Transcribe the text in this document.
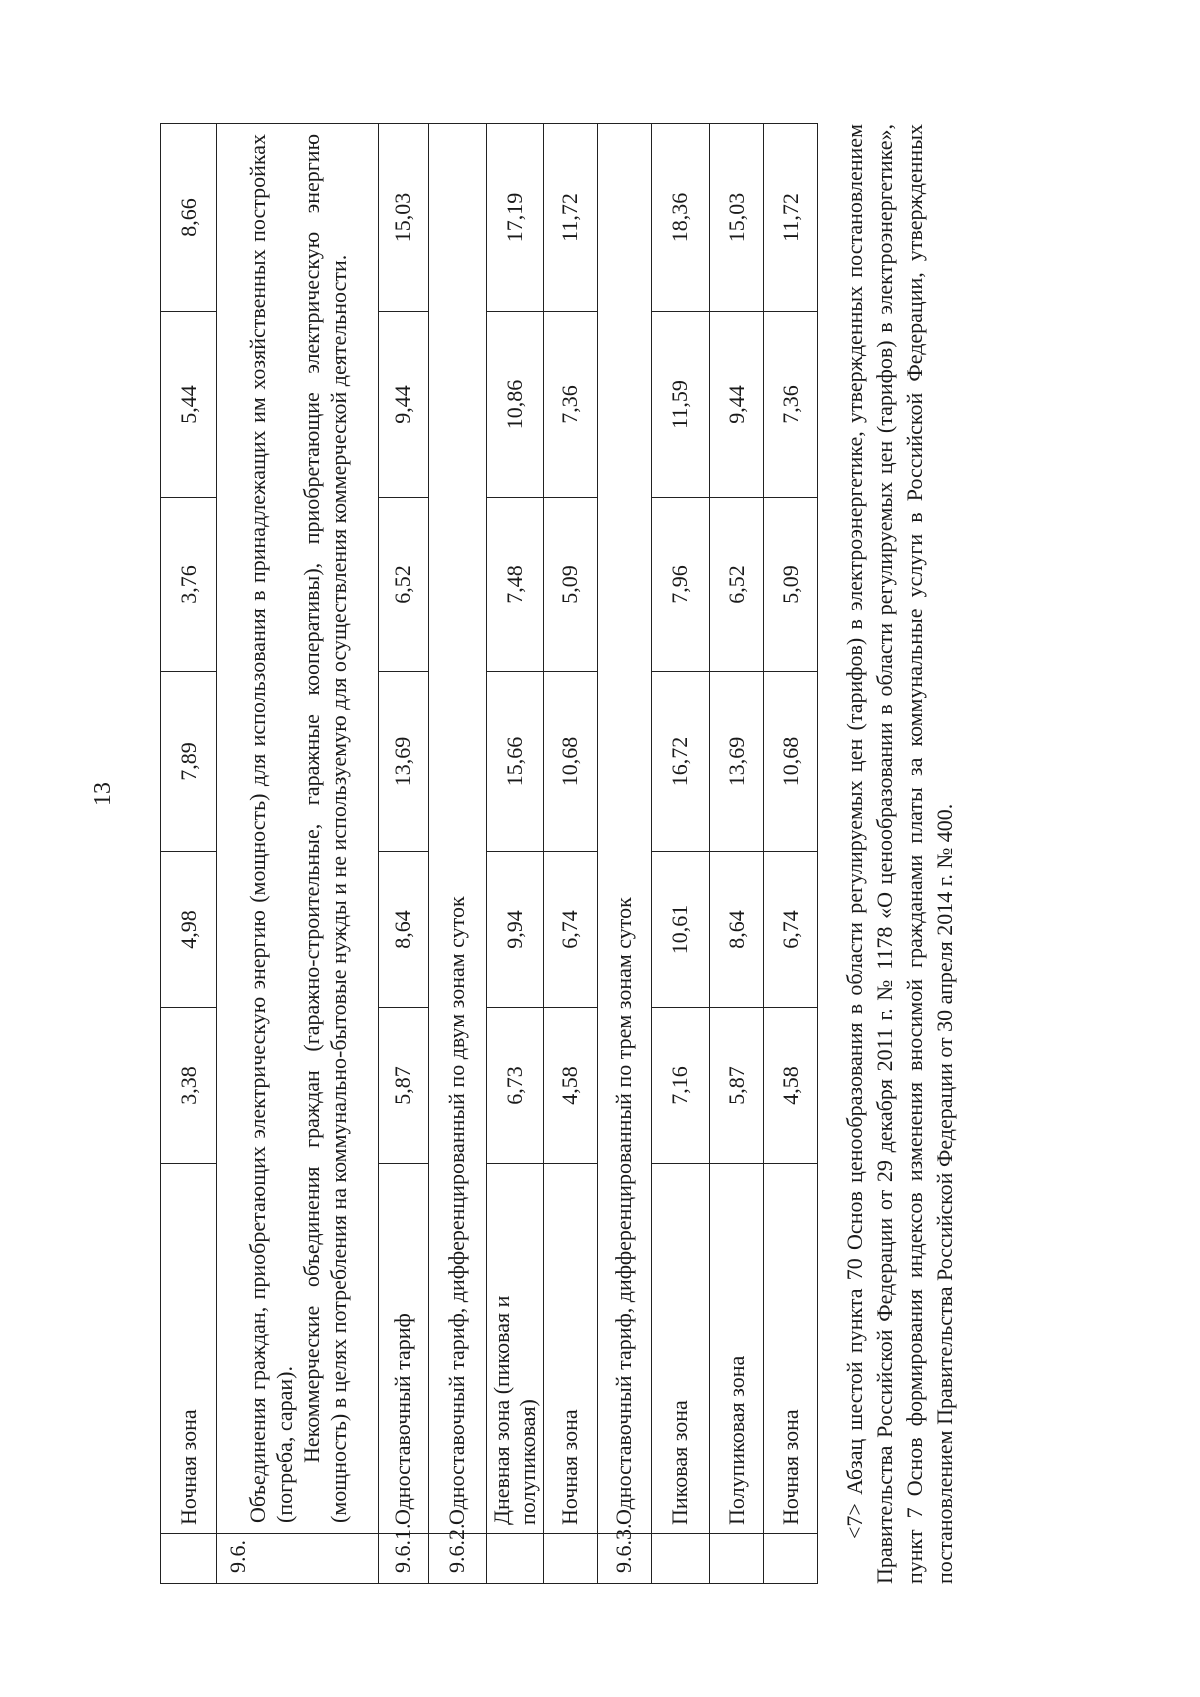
13
	Ночная зона	3,38	4,98	7,89	3,76	5,44	8,66
9.6.	Объединения граждан, приобретающих электрическую энергию (мощность) для использования в принадлежащих им хозяйственных постройках (погреба, сараи). Некоммерческие объединения граждан (гаражно-строительные, гаражные кооперативы), приобретающие электрическую энергию (мощность) в целях потребления на коммунально-бытовые нужды и не используемую для осуществления коммерческой деятельности.						

9.6.1.	Одноставочный тариф	5,87	8,64	13,69	6,52	9,44	15,03
9.6.2.	Одноставочный тариф, дифференцированный по двум зонам суток						
	Дневная зона (пиковая и полупиковая)	6,73	9,94	15,66	7,48	10,86	17,19
	Ночная зона	4,58	6,74	10,68	5,09	7,36	11,72
9.6.3.	Одноставочный тариф, дифференцированный по трем зонам суток						
	Пиковая зона	7,16	10,61	16,72	7,96	11,59	18,36
	Полупиковая зона	5,87	8,64	13,69	6,52	9,44	15,03
	Ночная зона	4,58	6,74	10,68	5,09	7,36	11,72 <7> Абзац шестой пункта 70 Основ ценообразования в области регулируемых цен (тарифов) в электроэнергетике, утвержденных постановлением Правительства Российской Федерации от 29 декабря 2011 г. № 1178 «О ценообразовании в области регулируемых цен (тарифов) в электроэнергетике», пункт 7 Основ формирования индексов изменения вносимой гражданами платы за коммунальные услуги в Российской Федерации, утвержденных постановлением Правительства Российской Федерации от 30 апреля 2014 г. № 400.
